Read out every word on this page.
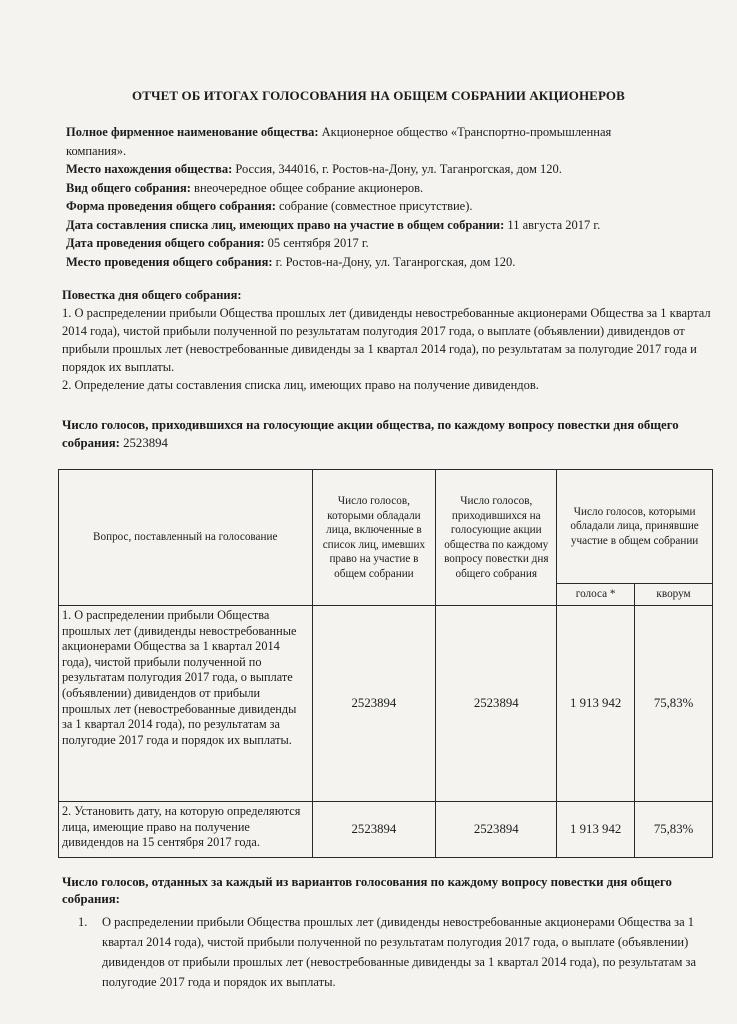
ОТЧЕТ ОБ ИТОГАХ ГОЛОСОВАНИЯ НА ОБЩЕМ СОБРАНИИ АКЦИОНЕРОВ
Полное фирменное наименование общества: Акционерное общество «Транспортно-промышленная
компания».
Место нахождения общества: Россия, 344016, г. Ростов-на-Дону, ул. Таганрогская, дом 120.
Вид общего собрания: внеочередное общее собрание акционеров.
Форма проведения общего собрания: собрание (совместное присутствие).
Дата составления списка лиц, имеющих право на участие в общем собрании: 11 августа 2017 г.
Дата проведения общего собрания: 05 сентября 2017 г.
Место проведения общего собрания: г. Ростов-на-Дону, ул. Таганрогская, дом 120.
Повестка дня общего собрания:
1. О распределении прибыли Общества прошлых лет (дивиденды невостребованные акционерами Общества за 1 квартал 2014 года), чистой прибыли полученной по результатам полугодия 2017 года, о выплате (объявлении) дивидендов от прибыли прошлых лет (невостребованные дивиденды за 1 квартал 2014 года), по результатам за полугодие 2017 года и порядок их выплаты.
2. Определение даты составления списка лиц, имеющих право на получение дивидендов.
Число голосов, приходившихся на голосующие акции общества, по каждому вопросу повестки дня общего собрания: 2523894
Вопрос, поставленный на голосование	Число голосов, которыми обладали лица, включенные в список лиц, имевших право на участие в общем собрании	Число голосов, приходившихся на голосующие акции общества по каждому вопросу повестки дня общего собрания	Число голосов, которыми обладали лица, принявшие участие в общем собрании	
			голоса *	кворум
1. О распределении прибыли Общества прошлых лет (дивиденды невостребованные акционерами Общества за 1 квартал 2014 года), чистой прибыли полученной по результатам полугодия 2017 года, о выплате (объявлении) дивидендов от прибыли прошлых лет (невостребованные дивиденды за 1 квартал 2014 года), по результатам за полугодие 2017 года и порядок их выплаты.	2523894	2523894	1 913 942	75,83%
2. Установить дату, на которую определяются лица, имеющие право на получение дивидендов на 15 сентября 2017 года.	2523894	2523894	1 913 942	75,83%
Число голосов, отданных за каждый из вариантов голосования по каждому вопросу повестки дня общего собрания:
1. О распределении прибыли Общества прошлых лет (дивиденды невостребованные акционерами Общества за 1 квартал 2014 года), чистой прибыли полученной по результатам полугодия 2017 года, о выплате (объявлении) дивидендов от прибыли прошлых лет (невостребованные дивиденды за 1 квартал 2014 года), по результатам за полугодие 2017 года и порядок их выплаты.
